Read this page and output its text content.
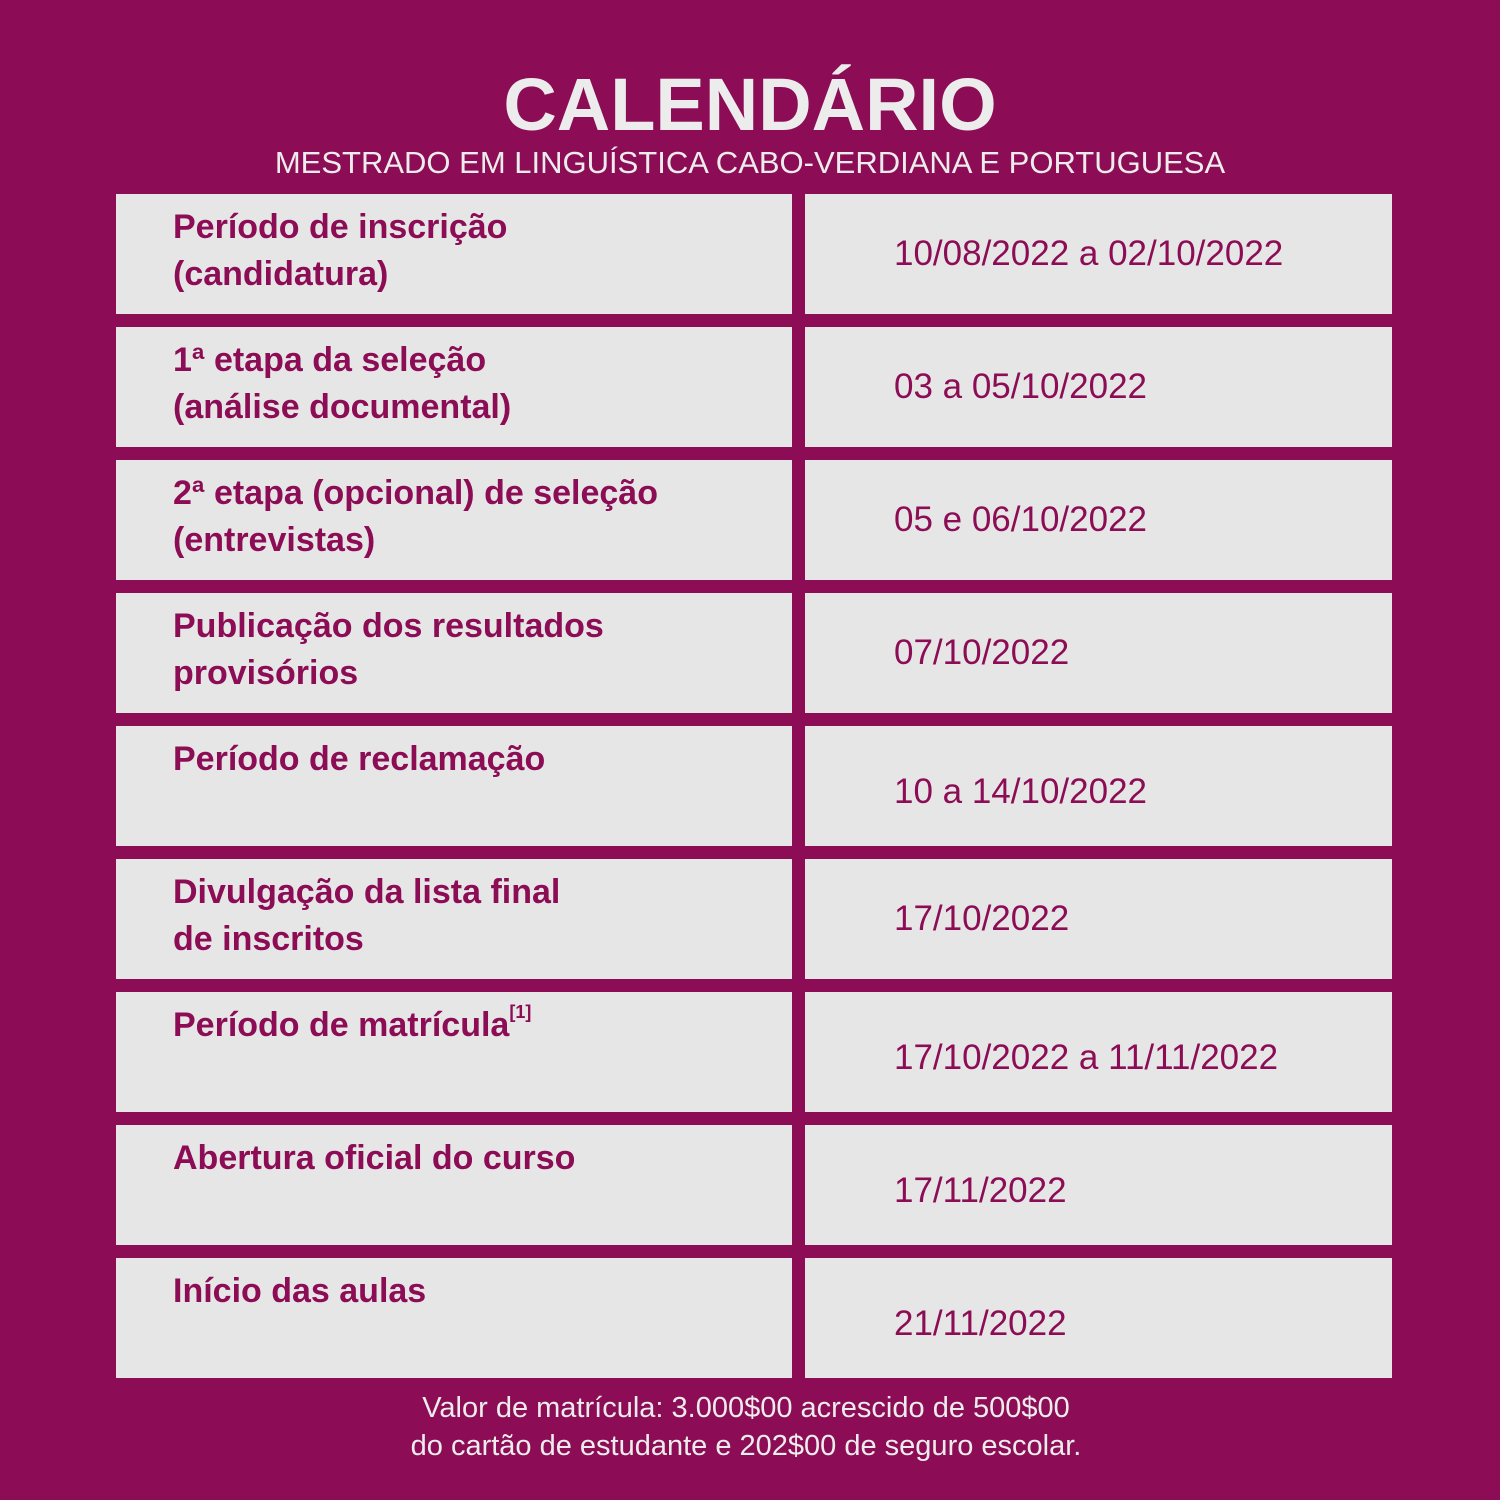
CALENDÁRIO
MESTRADO EM LINGUÍSTICA CABO-VERDIANA E PORTUGUESA
Período de inscrição
(candidatura)
10/08/2022 a 02/10/2022
1ª etapa da seleção
(análise documental)
03 a 05/10/2022
2ª etapa (opcional) de seleção
(entrevistas)
05 e 06/10/2022
Publicação dos resultados
provisórios
07/10/2022
Período de reclamação
10 a 14/10/2022
Divulgação da lista final
de inscritos
17/10/2022
Período de matrícula[1]
17/10/2022 a 11/11/2022
Abertura oficial do curso
17/11/2022
Início das aulas
21/11/2022
Valor de matrícula: 3.000$00 acrescido de 500$00
do cartão de estudante e 202$00 de seguro escolar.
